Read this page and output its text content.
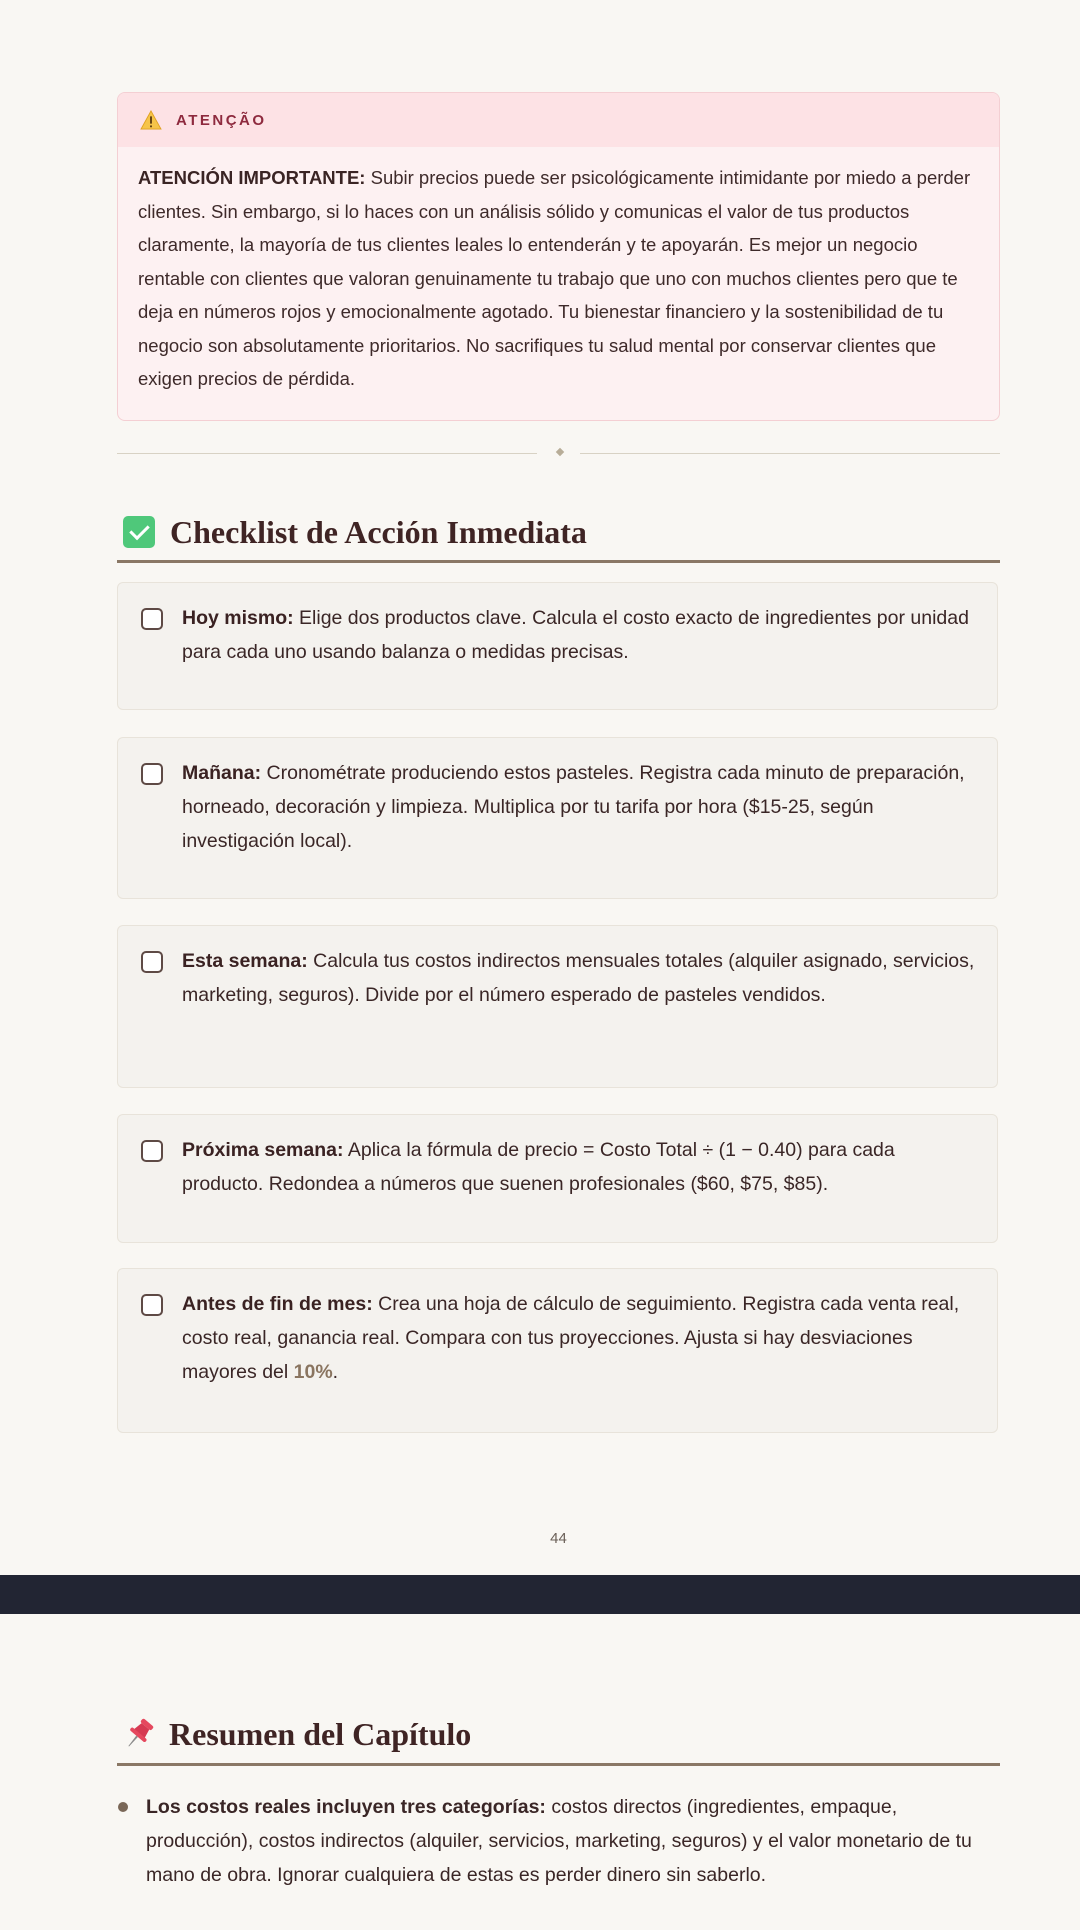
ATENÇÃO
ATENCIÓN IMPORTANTE: Subir precios puede ser psicológicamente intimidante por miedo a perder clientes. Sin embargo, si lo haces con un análisis sólido y comunicas el valor de tus productos claramente, la mayoría de tus clientes leales lo entenderán y te apoyarán. Es mejor un negocio rentable con clientes que valoran genuinamente tu trabajo que uno con muchos clientes pero que te deja en números rojos y emocionalmente agotado. Tu bienestar financiero y la sostenibilidad de tu negocio son absolutamente prioritarios. No sacrifiques tu salud mental por conservar clientes que exigen precios de pérdida.
Checklist de Acción Inmediata
Hoy mismo: Elige dos productos clave. Calcula el costo exacto de ingredientes por unidad para cada uno usando balanza o medidas precisas.
Mañana: Cronométrate produciendo estos pasteles. Registra cada minuto de preparación, horneado, decoración y limpieza. Multiplica por tu tarifa por hora ($15-25, según investigación local).
Esta semana: Calcula tus costos indirectos mensuales totales (alquiler asignado, servicios, marketing, seguros). Divide por el número esperado de pasteles vendidos.
Próxima semana: Aplica la fórmula de precio = Costo Total ÷ (1 − 0.40) para cada producto. Redondea a números que suenen profesionales ($60, $75, $85).
Antes de fin de mes: Crea una hoja de cálculo de seguimiento. Registra cada venta real, costo real, ganancia real. Compara con tus proyecciones. Ajusta si hay desviaciones mayores del 10%.
44
Resumen del Capítulo
Los costos reales incluyen tres categorías: costos directos (ingredientes, empaque, producción), costos indirectos (alquiler, servicios, marketing, seguros) y el valor monetario de tu mano de obra. Ignorar cualquiera de estas es perder dinero sin saberlo.
